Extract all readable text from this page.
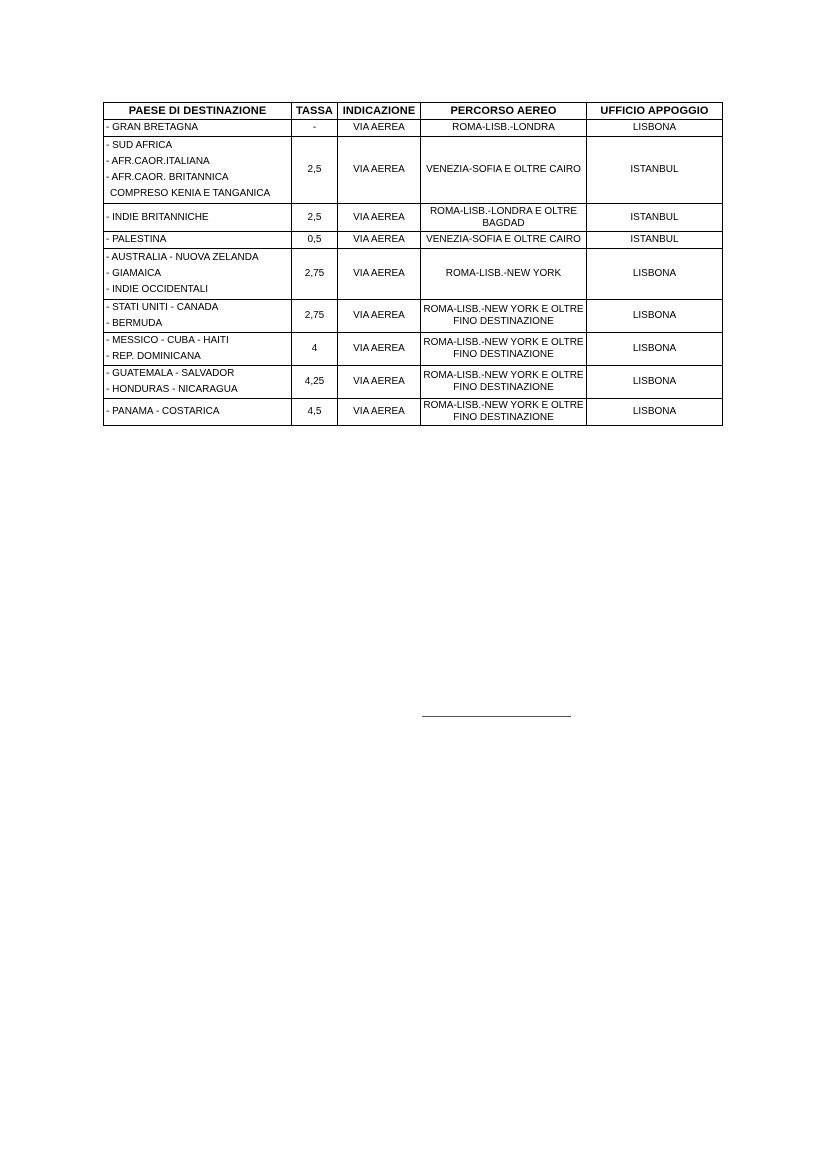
PAESE DI DESTINAZIONE	TASSA	INDICAZIONE	PERCORSO AEREO	UFFICIO APPOGGIO

- GRAN BRETAGNA	-	VIA AEREA	ROMA-LISB.-LONDRA	LISBONA

- SUD AFRICA
- AFR.CAOR.ITALIANA
- AFR.CAOR. BRITANNICA
COMPRESO KENIA E TANGANICA	2,5	VIA AEREA	VENEZIA-SOFIA E OLTRE CAIRO	ISTANBUL

- INDIE BRITANNICHE	2,5	VIA AEREA	ROMA-LISB.-LONDRA E OLTRE BAGDAD	ISTANBUL

- PALESTINA	0,5	VIA AEREA	VENEZIA-SOFIA E OLTRE CAIRO	ISTANBUL

- AUSTRALIA - NUOVA ZELANDA
- GIAMAICA
- INDIE OCCIDENTALI	2,75	VIA AEREA	ROMA-LISB.-NEW YORK	LISBONA

- STATI UNITI - CANADA
- BERMUDA	2,75	VIA AEREA	ROMA-LISB.-NEW YORK E OLTRE FINO DESTINAZIONE	LISBONA

- MESSICO - CUBA - HAITI
- REP. DOMINICANA	4	VIA AEREA	ROMA-LISB.-NEW YORK E OLTRE FINO DESTINAZIONE	LISBONA

- GUATEMALA - SALVADOR
- HONDURAS - NICARAGUA	4,25	VIA AEREA	ROMA-LISB.-NEW YORK E OLTRE FINO DESTINAZIONE	LISBONA

- PANAMA - COSTARICA	4,5	VIA AEREA	ROMA-LISB.-NEW YORK E OLTRE FINO DESTINAZIONE	LISBONA
